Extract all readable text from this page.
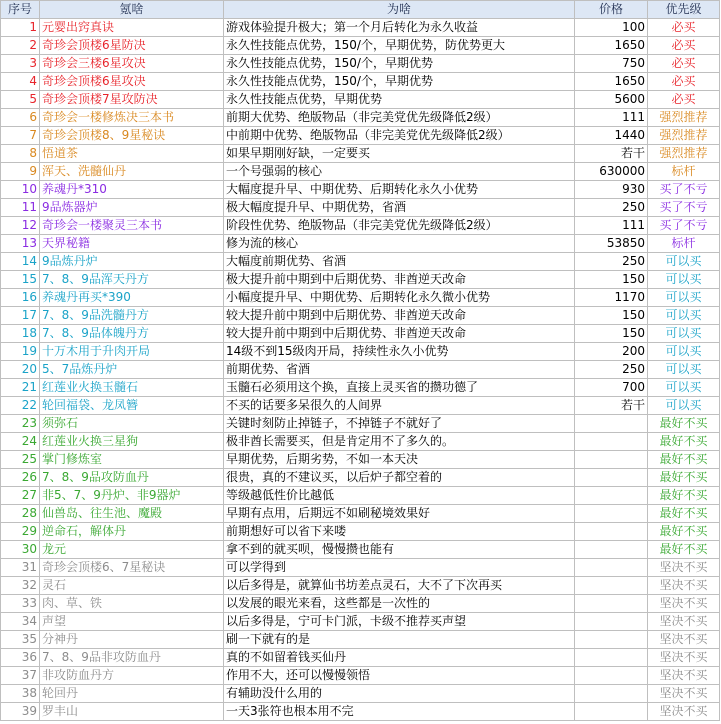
序号	氪啥	为啥	价格	优先级
1	元婴出窍真诀	游戏体验提升极大；第一个月后转化为永久收益	100	必买
2	奇珍会顶楼6星防决	永久性技能点优势，150/个，早期优势，防优势更大	1650	必买
3	奇珍会三楼6星攻决	永久性技能点优势，150/个，早期优势	750	必买
4	奇珍会顶楼6星攻决	永久性技能点优势，150/个，早期优势	1650	必买
5	奇珍会顶楼7星攻防决	永久性技能点优势，早期优势	5600	必买
6	奇珍会一楼修炼决三本书	前期大优势、绝版物品（非完美党优先级降低2级）	111	强烈推荐
7	奇珍会顶楼8、9星秘诀	中前期中优势、绝版物品（非完美党优先级降低2级）	1440	强烈推荐
8	悟道茶	如果早期刚好缺，一定要买	若干	强烈推荐
9	浑天、洗髓仙丹	一个号强弱的核心	630000	标杆
10	养魂丹*310	大幅度提升早、中期优势、后期转化永久小优势	930	买了不亏
11	9品炼器炉	极大幅度提升早、中期优势，省酒	250	买了不亏
12	奇珍会一楼聚灵三本书	阶段性优势、绝版物品（非完美党优先级降低2级）	111	买了不亏
13	天界秘籍	修为流的核心	53850	标杆
14	9品炼丹炉	大幅度前期优势、省酒	250	可以买
15	7、8、9品浑天丹方	极大提升前中期到中后期优势、非酋逆天改命	150	可以买
16	养魂丹再买*390	小幅度提升早、中期优势、后期转化永久微小优势	1170	可以买
17	7、8、9品洗髓丹方	较大提升前中期到中后期优势、非酋逆天改命	150	可以买
18	7、8、9品体魄丹方	较大提升前中期到中后期优势、非酋逆天改命	150	可以买
19	十万木用于升肉开局	14级不到15级肉开局，持续性永久小优势	200	可以买
20	5、7品炼丹炉	前期优势、省酒	250	可以买
21	红莲业火换玉髓石	玉髓石必须用这个换，直接上灵买省的攒功德了	700	可以买
22	轮回福袋、龙凤簪	不买的话要多呆很久的人间界	若干	可以买
23	须弥石	关键时刻防止掉链子，不掉链子不就好了		最好不买
24	红莲业火换三星狗	极非酋长需要买，但是肯定用不了多久的。		最好不买
25	掌门修炼室	早期优势，后期劣势，不如一本天决		最好不买
26	7、8、9品攻防血丹	很贵，真的不建议买，以后炉子都空着的		最好不买
27	非5、7、9丹炉、非9器炉	等级越低性价比越低		最好不买
28	仙兽岛、往生池、魔殿	早期有点用，后期远不如刷秘境效果好		最好不买
29	逆命石，解体丹	前期想好可以省下来喽		最好不买
30	龙元	拿不到的就买呗，慢慢攒也能有		最好不买
31	奇珍会顶楼6、7星秘诀	可以学得到		坚决不买
32	灵石	以后多得是，就算仙书坊差点灵石，大不了下次再买		坚决不买
33	肉、草、铁	以发展的眼光来看，这些都是一次性的		坚决不买
34	声望	以后多得是，宁可卡门派，卡级不推荐买声望		坚决不买
35	分神丹	刷一下就有的是		坚决不买
36	7、8、9品非攻防血丹	真的不如留着钱买仙丹		坚决不买
37	非攻防血丹方	作用不大，还可以慢慢领悟		坚决不买
38	轮回丹	有辅助没什么用的		坚决不买
39	罗丰山	一天3张符也根本用不完		坚决不买
